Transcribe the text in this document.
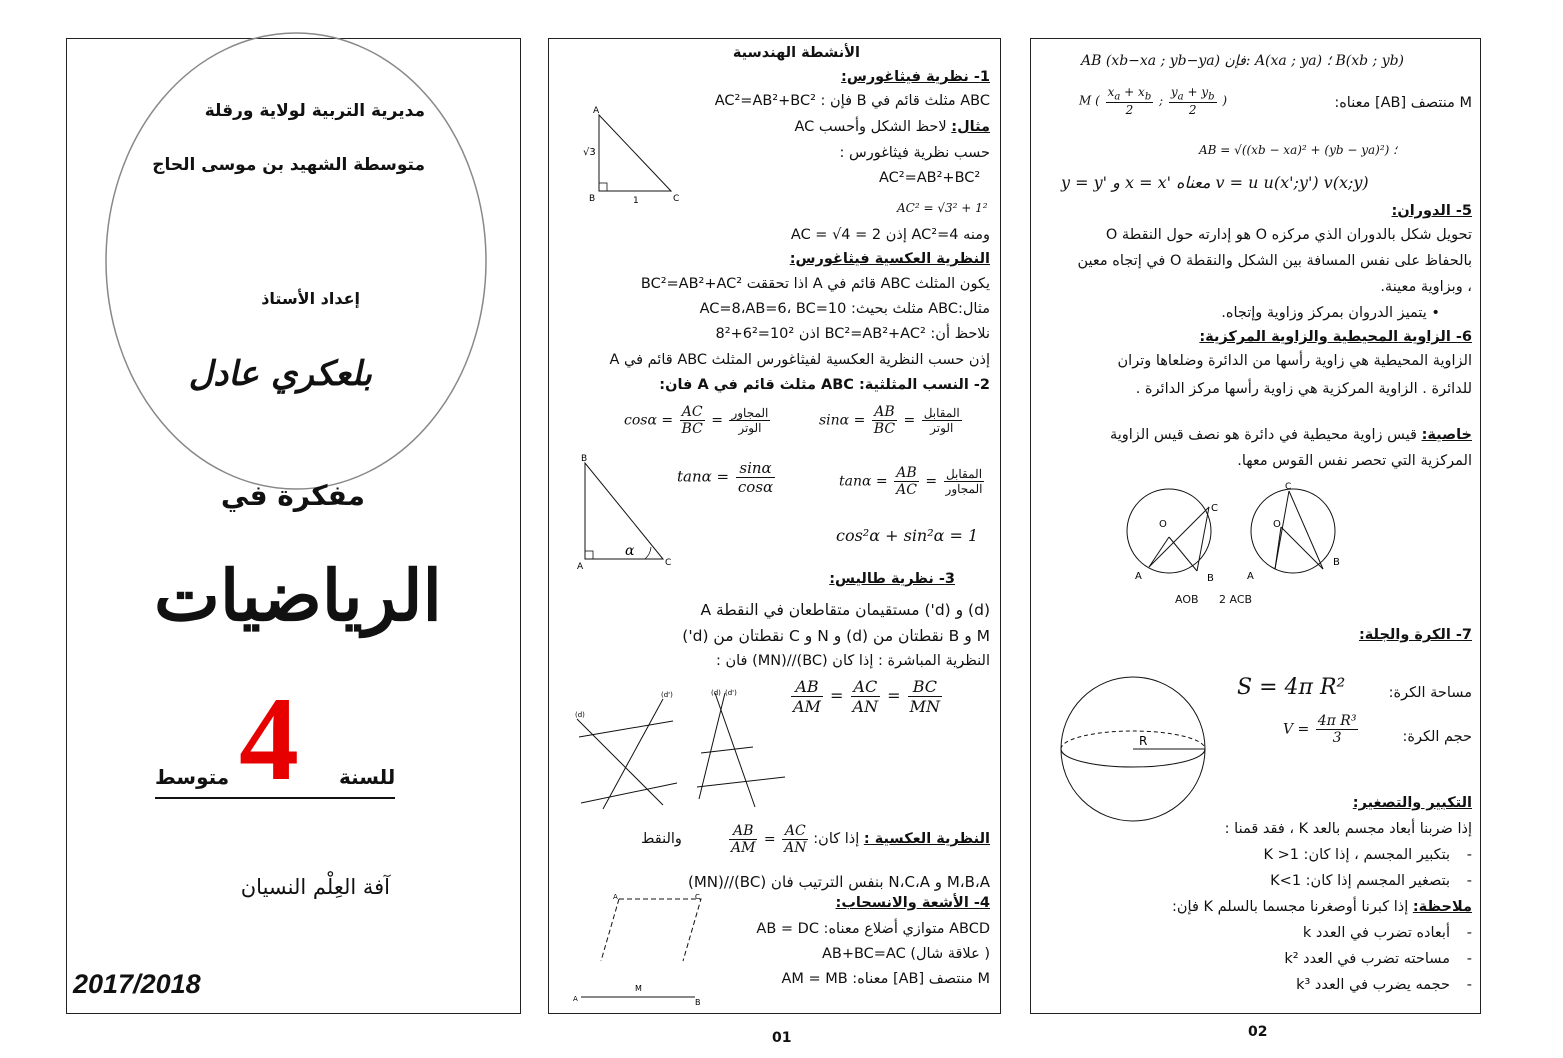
مديرية التربية لولاية ورقلة
متوسطة الشهيد بن موسى الحاج
إعداد الأستاذ
بلعكري عادل
مفكرة في
الرياضيات
4 للسنة
متوسط
آفة العِلْم النسيان
2017/2018
الأنشطة الهندسية
1- نظرية فيثاغورس:
ABC مثلث قائم في B فإن : AC²=AB²+BC²
مثال: لاحظ الشكل وأحسب AC
حسب نظرية فيثاغورس :
AC²=AB²+BC²
AC² = √3² + 1²
ومنه AC²=4 إذن AC = √4 = 2
A
B	C
√3
1
النظرية العكسية فيثاغورس:
يكون المثلث ABC قائم في A اذا تحققت BC²=AB²+AC²
مثال:ABC مثلث بحيث: AC=8،AB=6، BC=10
نلاحظ أن: BC²=AB²+AC² اذن 10²=6²+8²
إذن حسب النظرية العكسية لفيثاغورس المثلث ABC قائم في A
2- النسب المثلثية: ABC مثلث قائم في A فان:
$\sin\alpha = \frac{AB}{BC} = \frac{\text{المقابل}}{\text{الوتر}}$
$\cos\alpha = \frac{AC}{BC} = \frac{\text{المجاور}}{\text{الوتر}}$
$\tan\alpha = \frac{AB}{AC} = \frac{\text{المقابل}}{\text{المجاور}}$
$\tan\alpha = \frac{\sin\alpha}{\cos\alpha}$
cos²α + sin²α = 1
α
B
A	C
3- نظرية طاليس:
(d) و (d') مستقيمان متقاطعان في النقطة A
M و B نقطتان من (d) و N و C نقطتان من (d')
النظرية المباشرة : إذا كان (BC)//(MN) فان :
$\frac{AB}{AM} = \frac{AC}{AN} = \frac{BC}{MN}$
(d)
(d')	(d) (d')
النظرية العكسية : إذا كان:
$\frac{AB}{AM} = \frac{AC}{AN}$
والنقط
M،B،A و N،C،A بنفس الترتيب فان (BC)//(MN)
4- الأشعة والانسحاب:
ABCD متوازي أضلاع معناه: AB = DC
( علاقة شال) AB+BC=AC
M منتصف [AB] معناه: AM = MB
A	C
A	B
M
01
AB (xb−xa ; yb−ya) فإن: A(xa ; ya) ؛ B(xb ; yb)
M منتصف [AB] معناه:
M ( $\frac{x_a + x_b}{2}$ ; $\frac{y_a + y_b}{2}$ )
AB = √((xb − xa)² + (yb − ya)²) ؛
y = y' و x = x' معناه v = u u(x';y') v(x;y)
5- الدوران:
تحويل شكل بالدوران الذي مركزه O هو إدارته حول النقطة O
بالحفاظ على نفس المسافة بين الشكل والنقطة O في إتجاه معين
، وبزاوية معينة.
• يتميز الدروان بمركز وزاوية وإتجاه.
6- الزاوية المحيطية والزاوية المركزية:
الزاوية المحيطية هي زاوية رأسها من الدائرة وضلعاها وتران
للدائرة . الزاوية المركزية هي زاوية رأسها مركز الدائرة .
خاصية: قيس زاوية محيطية في دائرة هو نصف قيس الزاوية
المركزية التي تحصر نفس القوس معها.
O
A	B
C
O
A
B
C
AOB 2 ACB
7- الكرة والجلة:
مساحة الكرة:
S = 4π R²
حجم الكرة:
$V = \frac{\text{4π R³}}{3}$
R
التكبير والتصغير:
إذا ضربنا أبعاد مجسم بالعد K ، فقد قمنا :
-بتكبير المجسم ، إذا كان: K >1
-بتصغير المجسم إذا كان: K<1
ملاحظة: إذا كبرنا أوصغرنا مجسما بالسلم K فإن:
-أبعاده تضرب في العدد k
-مساحته تضرب في العدد k²
-حجمه يضرب في العدد k³
02
